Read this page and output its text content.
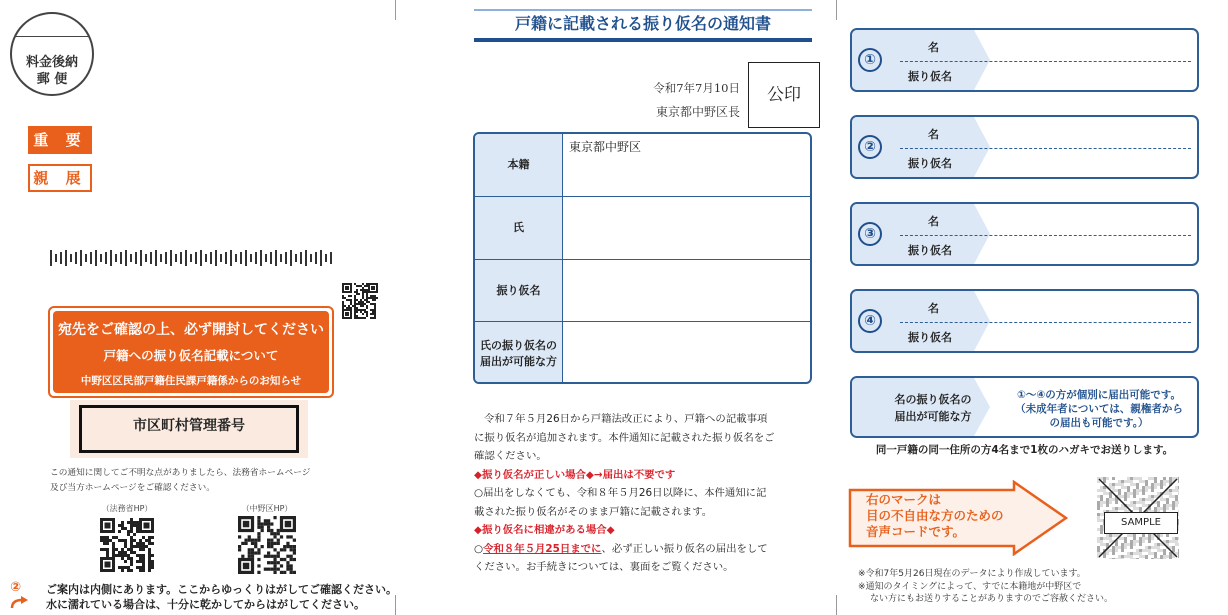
料金後納
郵 便
重 要
親 展
宛先をご確認の上、必ず開封してください
戸籍への振り仮名記載について
中野区区民部戸籍住民課戸籍係からのお知らせ
市区町村管理番号
この通知に関してご不明な点がありましたら、法務省ホームページ
及び当方ホームページをご確認ください。
（法務省HP）	（中野区HP）
②	ご案内は内側にあります。ここからゆっくりはがしてご確認ください。
水に濡れている場合は、十分に乾かしてからはがしてください。
戸籍に記載される振り仮名の通知書
令和7年7月10日
東京都中野区長
公印
本籍
東京都中野区
氏
振り仮名
氏の振り仮名の
届出が可能な方
令和７年５月26日から戸籍法改正により、戸籍への記載事項
に振り仮名が追加されます。本件通知に記載された振り仮名をご
確認ください。
◆振り仮名が正しい場合◆→届出は不要です
○届出をしなくても、令和８年５月26日以降に、本件通知に記
載された振り仮名がそのまま戸籍に記載されます。
◆振り仮名に相違がある場合◆
○令和８年５月25日までに、必ず正しい振り仮名の届出をして
ください。お手続きについては、裏面をご覧ください。
①
名
振り仮名
②
名
振り仮名
③
名
振り仮名
④
名
振り仮名
名の振り仮名の
届出が可能な方
①～④の方が個別に届出可能です。
（未成年者については、親権者から
の届出も可能です。）
同一戸籍の同一住所の方4名まで1枚のハガキでお送りします。
右のマークは
目の不自由な方のための
音声コードです。
SAMPLE
※令和7年5月26日現在のデータにより作成しています。
※通知のタイミングによって、すでに本籍地が中野区で
ない方にもお送りすることがありますのでご容赦ください。
